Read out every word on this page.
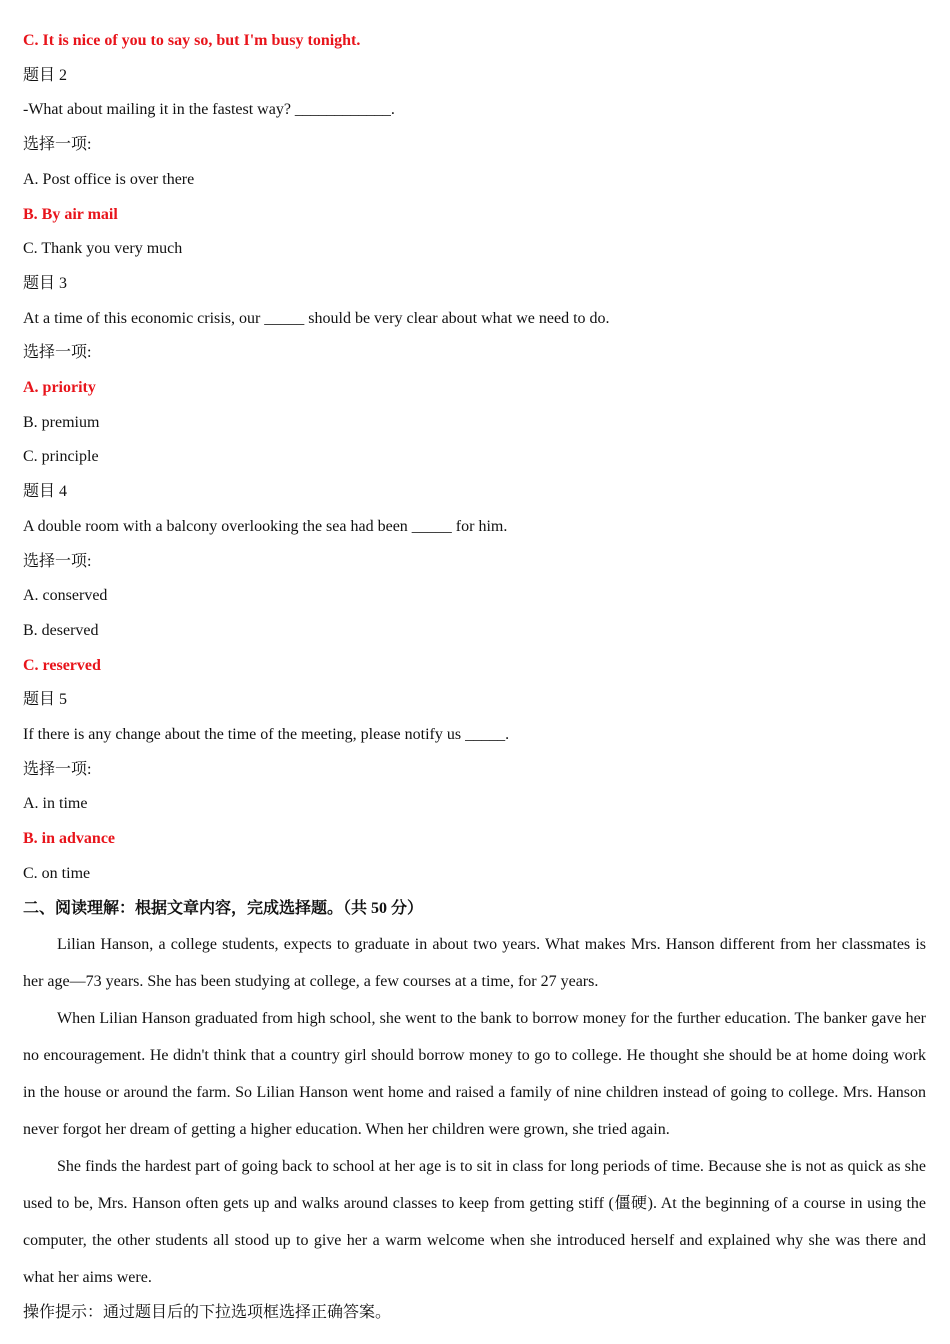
C. It is nice of you to say so, but I'm busy tonight.
题目 2
-What about mailing it in the fastest way? ____________.
选择一项:
A. Post office is over there
B. By air mail
C. Thank you very much
题目 3
At a time of this economic crisis, our _____ should be very clear about what we need to do.
选择一项:
A. priority
B. premium
C. principle
题目 4
A double room with a balcony overlooking the sea had been _____ for him.
选择一项:
A. conserved
B. deserved
C. reserved
题目 5
If there is any change about the time of the meeting, please notify us _____.
选择一项:
A. in time
B. in advance
C. on time
二、阅读理解：根据文章内容，完成选择题。（共 50 分）

Lilian Hanson, a college students, expects to graduate in about two years. What makes Mrs. Hanson different from her classmates is her age—73 years. She has been studying at college, a few courses at a time, for 27 years.

When Lilian Hanson graduated from high school, she went to the bank to borrow money for the further education. The banker gave her no encouragement. He didn't think that a country girl should borrow money to go to college. He thought she should be at home doing work in the house or around the farm. So Lilian Hanson went home and raised a family of nine children instead of going to college. Mrs. Hanson never forgot her dream of getting a higher education. When her children were grown, she tried again.

She finds the hardest part of going back to school at her age is to sit in class for long periods of time. Because she is not as quick as she used to be, Mrs. Hanson often gets up and walks around classes to keep from getting stiff (僵硬). At the beginning of a course in using the computer, the other students all stood up to give her a warm welcome when she introduced herself and explained why she was there and what her aims were.

操作提示：通过题目后的下拉选项框选择正确答案。
